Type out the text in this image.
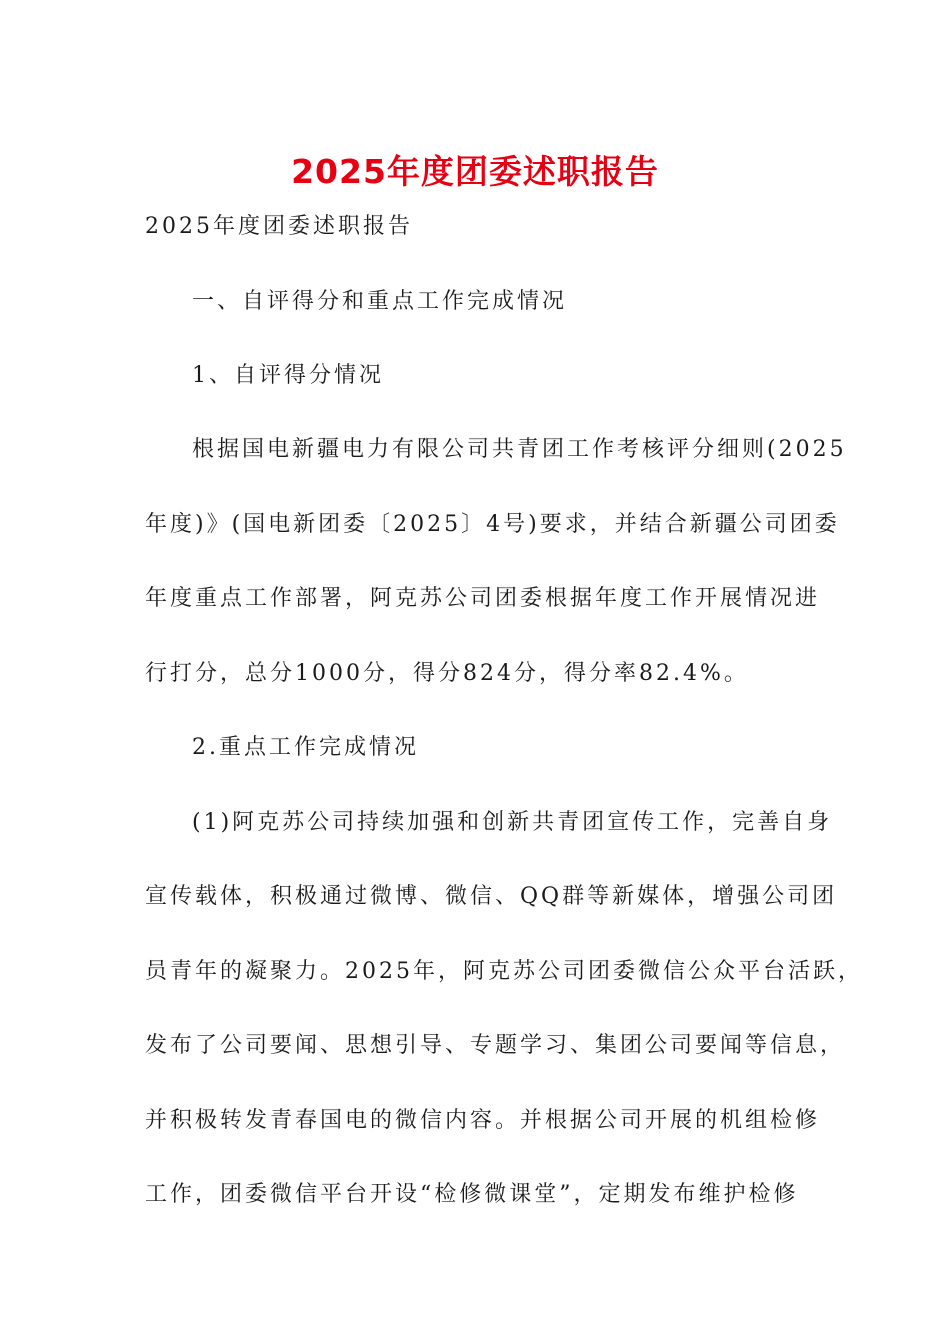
2025年度团委述职报告
2025年度团委述职报告
一、自评得分和重点工作完成情况
1、自评得分情况
根据国电新疆电力有限公司共青团工作考核评分细则(2025
年度)》(国电新团委〔2025〕4号)要求，并结合新疆公司团委
年度重点工作部署，阿克苏公司团委根据年度工作开展情况进
行打分，总分1000分，得分824分，得分率82.4%。
2.重点工作完成情况
(1)阿克苏公司持续加强和创新共青团宣传工作，完善自身
宣传载体，积极通过微博、微信、QQ群等新媒体，增强公司团
员青年的凝聚力。2025年，阿克苏公司团委微信公众平台活跃，
发布了公司要闻、思想引导、专题学习、集团公司要闻等信息，
并积极转发青春国电的微信内容。并根据公司开展的机组检修
工作，团委微信平台开设“检修微课堂”，定期发布维护检修
